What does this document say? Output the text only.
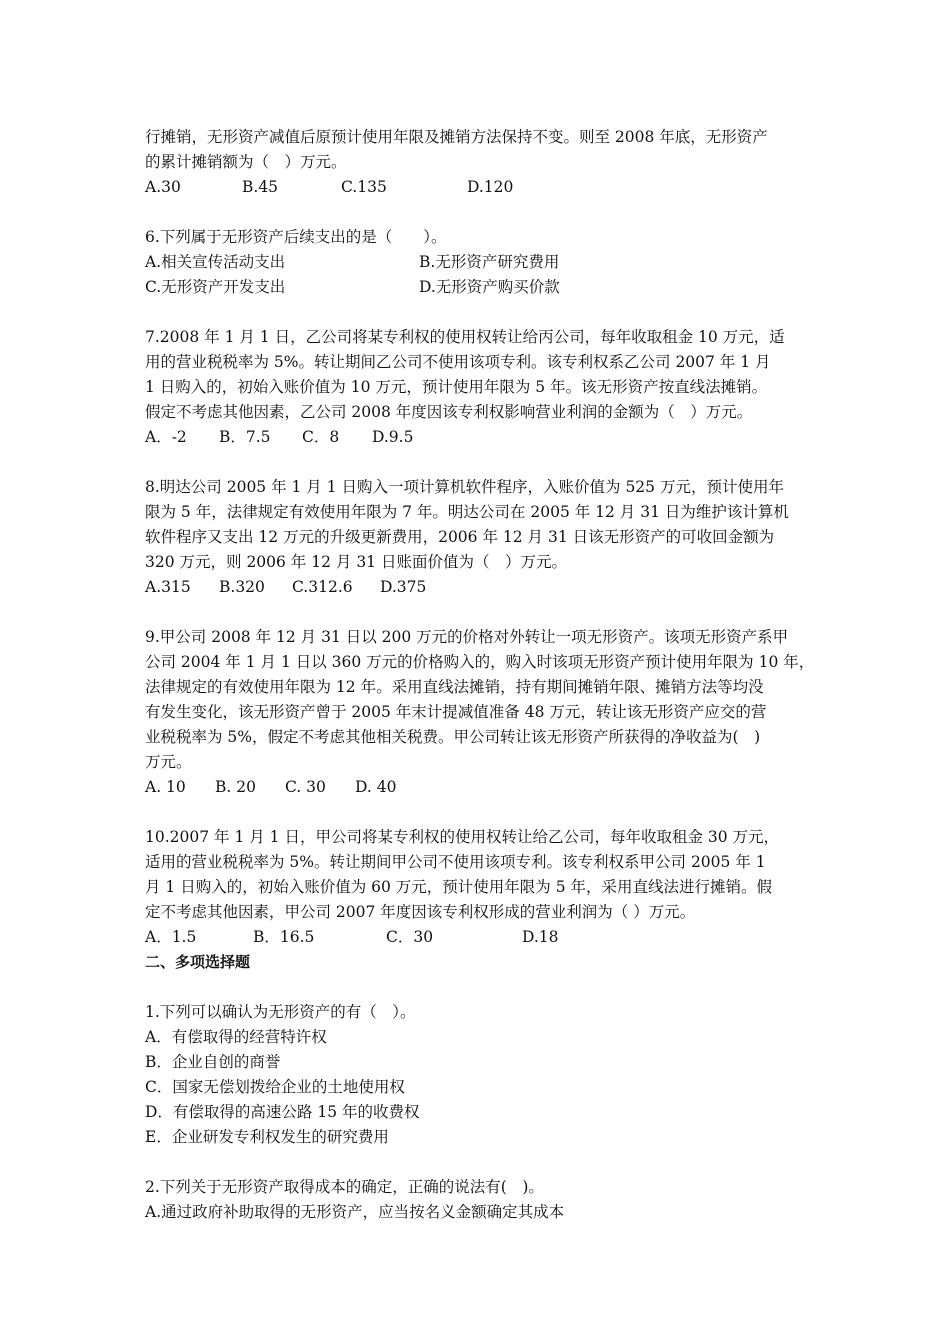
行摊销，无形资产减值后原预计使用年限及摊销方法保持不变。则至 2008 年底，无形资产
的累计摊销额为（　）万元。
A.30	B.45	C.135	D.120
6.下列属于无形资产后续支出的是（　　）。
A.相关宣传活动支出	B.无形资产研究费用
C.无形资产开发支出	D.无形资产购买价款
7.2008 年 1 月 1 日，乙公司将某专利权的使用权转让给丙公司，每年收取租金 10 万元，适
用的营业税税率为 5%。转让期间乙公司不使用该项专利。该专利权系乙公司 2007 年 1 月
1 日购入的，初始入账价值为 10 万元，预计使用年限为 5 年。该无形资产按直线法摊销。
假定不考虑其他因素，乙公司 2008 年度因该专利权影响营业利润的金额为（　）万元。
A．-2 B．7.5 C．8 D.9.5
8.明达公司 2005 年 1 月 1 日购入一项计算机软件程序，入账价值为 525 万元，预计使用年
限为 5 年，法律规定有效使用年限为 7 年。明达公司在 2005 年 12 月 31 日为维护该计算机
软件程序又支出 12 万元的升级更新费用，2006 年 12 月 31 日该无形资产的可收回金额为
320 万元，则 2006 年 12 月 31 日账面价值为（　）万元。
A.315 B.320 C.312.6 D.375
9.甲公司 2008 年 12 月 31 日以 200 万元的价格对外转让一项无形资产。该项无形资产系甲
公司 2004 年 1 月 1 日以 360 万元的价格购入的，购入时该项无形资产预计使用年限为 10 年，
法律规定的有效使用年限为 12 年。采用直线法摊销，持有期间摊销年限、摊销方法等均没
有发生变化，该无形资产曾于 2005 年末计提减值准备 48 万元，转让该无形资产应交的营
业税税率为 5%，假定不考虑其他相关税费。甲公司转让该无形资产所获得的净收益为(　)
万元。
A. 10 B. 20 C. 30 D. 40
10.2007 年 1 月 1 日，甲公司将某专利权的使用权转让给乙公司，每年收取租金 30 万元，
适用的营业税税率为 5%。转让期间甲公司不使用该项专利。该专利权系甲公司 2005 年 1
月 1 日购入的，初始入账价值为 60 万元，预计使用年限为 5 年，采用直线法进行摊销。假
定不考虑其他因素，甲公司 2007 年度因该专利权形成的营业利润为（ ）万元。
A．1.5	B．16.5	C．30	D.18
二、多项选择题
1.下列可以确认为无形资产的有（　）。
A．有偿取得的经营特许权
B．企业自创的商誉
C．国家无偿划拨给企业的土地使用权
D．有偿取得的高速公路 15 年的收费权
E．企业研发专利权发生的研究费用
2.下列关于无形资产取得成本的确定，正确的说法有(　)。
A.通过政府补助取得的无形资产，应当按名义金额确定其成本
